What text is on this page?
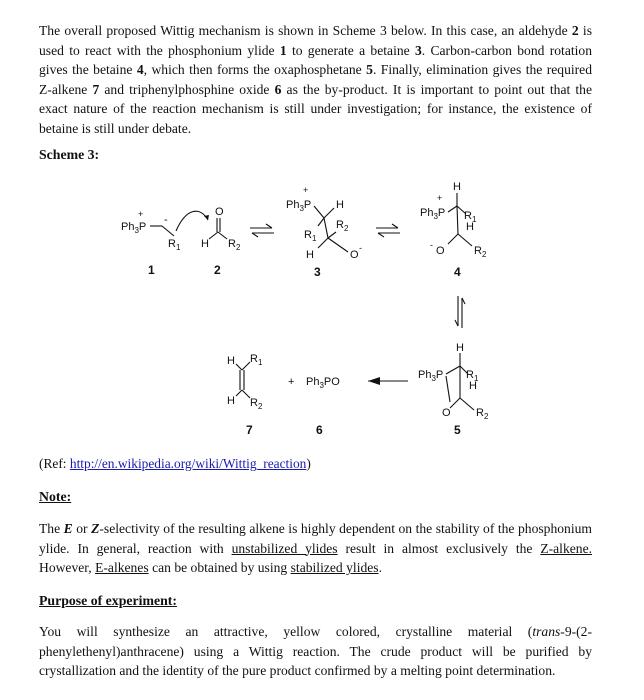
The overall proposed Wittig mechanism is shown in Scheme 3 below. In this case, an aldehyde 2 is used to react with the phosphonium ylide 1 to generate a betaine 3. Carbon-carbon bond rotation gives the betaine 4, which then forms the oxaphosphetane 5. Finally, elimination gives the required Z-alkene 7 and triphenylphosphine oxide 6 as the by-product. It is important to point out that the exact nature of the reaction mechanism is still under investigation; for instance, the existence of betaine is still under debate.

Scheme 3:

+
$Ph_3P$
-
$R_1$
O
H $R_2$
1	2
+
$Ph_3P$ H
$R_1$
$R_2$
H	O
-
3
H
+
$Ph_3P$ $R_1$
H
O
-	$R_2$
4
H
$Ph_3P$ $R_1$
H
O $R_2$
5
+ $Ph_3PO$
6
H $R_1$
H $R_2$
7

(Ref: http://en.wikipedia.org/wiki/Wittig_reaction)

Note:

The E or Z-selectivity of the resulting alkene is highly dependent on the stability of the phosphonium ylide. In general, reaction with unstabilized ylides result in almost exclusively the Z-alkene. However, E-alkenes can be obtained by using stabilized ylides.

Purpose of experiment:

You will synthesize an attractive, yellow colored, crystalline material (trans-9-(2-phenylethenyl)anthracene) using a Wittig reaction. The crude product will be purified by crystallization and the identity of the pure product confirmed by a melting point determination.
